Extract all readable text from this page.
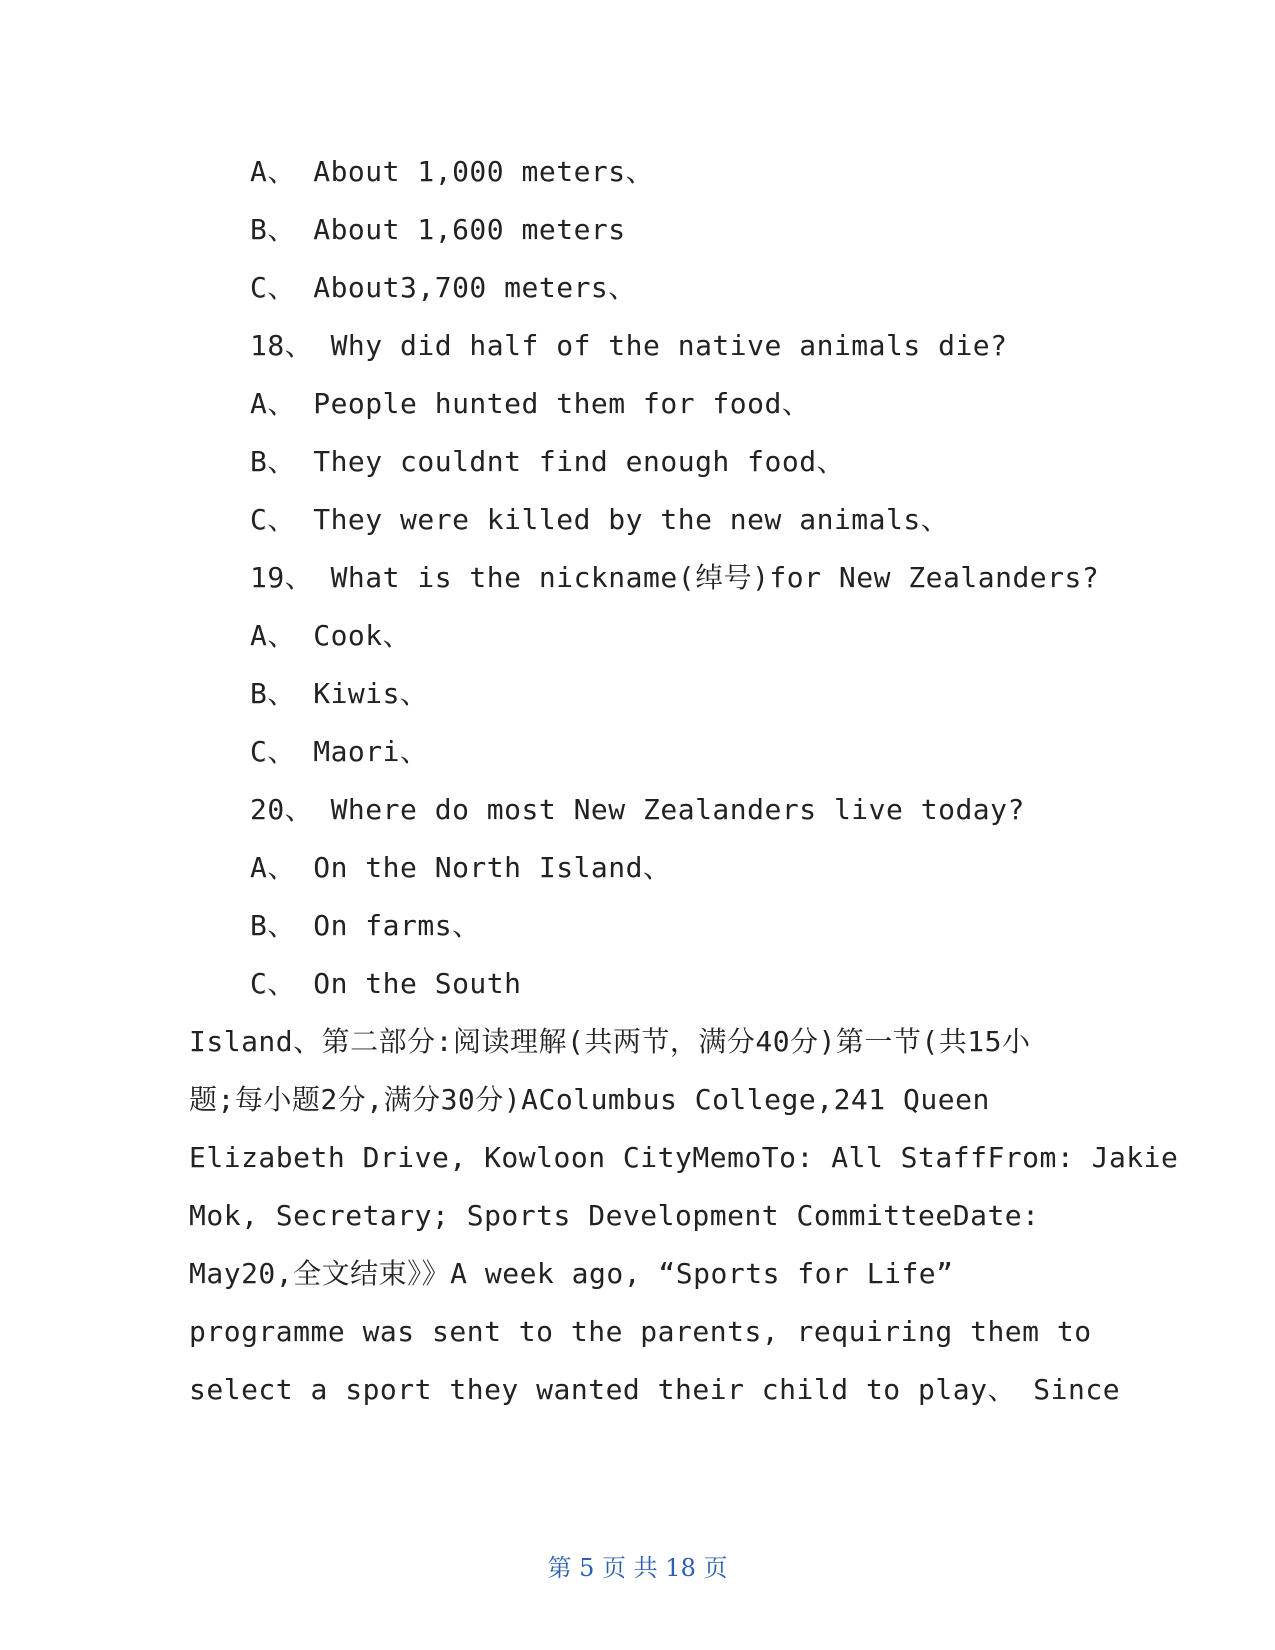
A、 About 1,000 meters、
B、 About 1,600 meters
C、 About3,700 meters、
18、 Why did half of the native animals die?
A、 People hunted them for food、
B、 They couldnt find enough food、
C、 They were killed by the new animals、
19、 What is the nickname(绰号)for New Zealanders?
A、 Cook、
B、 Kiwis、
C、 Maori、
20、 Where do most New Zealanders live today?
A、 On the North Island、
B、 On farms、
C、 On the South
Island、第二部分:阅读理解(共两节，满分40分)第一节(共15小
题;每小题2分,满分30分)AColumbus College,241 Queen
Elizabeth Drive, Kowloon CityMemoTo: All StaffFrom: Jakie
Mok, Secretary; Sports Development CommitteeDate:
May20,全文结束》》A week ago, “Sports for Life”
programme was sent to the parents, requiring them to
select a sport they wanted their child to play、 Since
第 5 页 共 18 页
